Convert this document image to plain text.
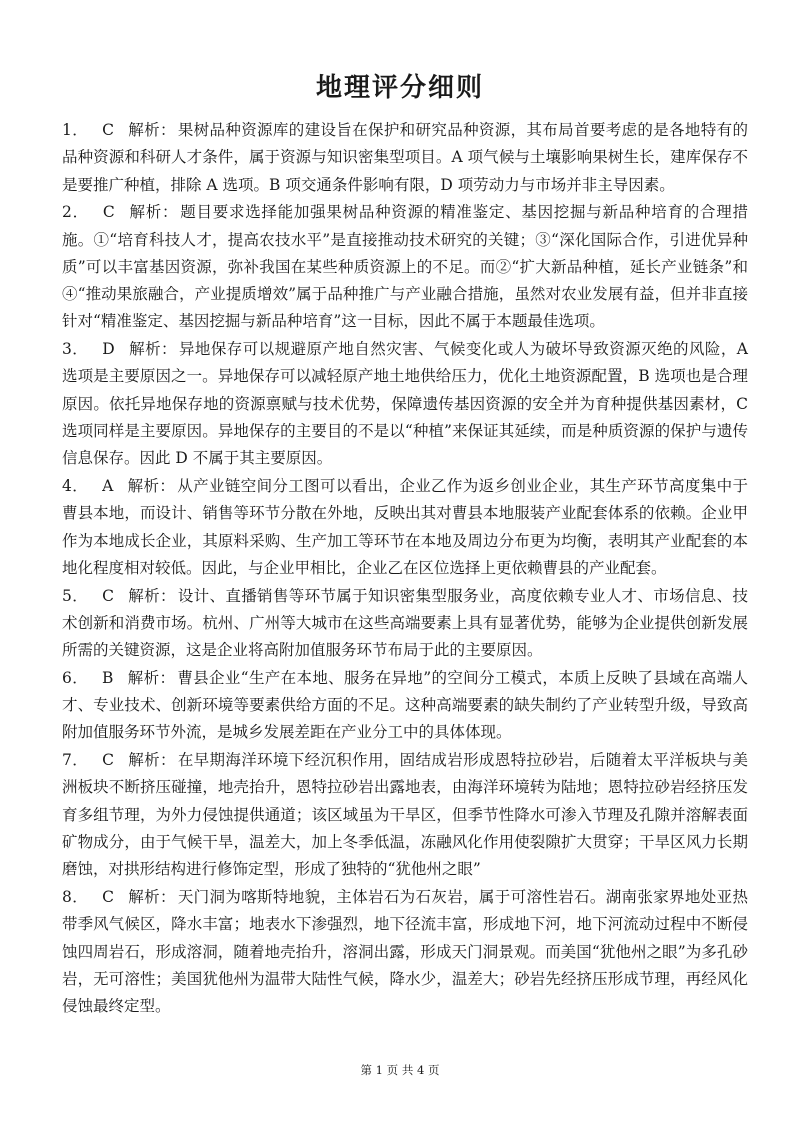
地理评分细则

1． C 解析： 果树品种资源库的建设旨在保护和研究品种资源，其布局首要考虑的是各地特有的品种资源和科研人才条件，属于资源与知识密集型项目。A 项气候与土壤影响果树生长，建库保存不是要推广种植，排除 A 选项。B 项交通条件影响有限，D 项劳动力与市场并非主导因素。

2． C 解析： 题目要求选择能加强果树品种资源的精准鉴定、基因挖掘与新品种培育的合理措施。①“培育科技人才，提高农技水平”是直接推动技术研究的关键；③“深化国际合作，引进优异种质”可以丰富基因资源，弥补我国在某些种质资源上的不足。而②“扩大新品种植，延长产业链条”和④“推动果旅融合，产业提质增效”属于品种推广与产业融合措施，虽然对农业发展有益，但并非直接针对“精准鉴定、基因挖掘与新品种培育”这一目标，因此不属于本题最佳选项。

3． D 解析： 异地保存可以规避原产地自然灾害、气候变化或人为破坏导致资源灭绝的风险，A 选项是主要原因之一。异地保存可以减轻原产地土地供给压力，优化土地资源配置，B 选项也是合理原因。依托异地保存地的资源禀赋与技术优势，保障遗传基因资源的安全并为育种提供基因素材，C 选项同样是主要原因。异地保存的主要目的不是以“种植”来保证其延续，而是种质资源的保护与遗传信息保存。因此 D 不属于其主要原因。

4． A 解析： 从产业链空间分工图可以看出，企业乙作为返乡创业企业，其生产环节高度集中于曹县本地，而设计、销售等环节分散在外地，反映出其对曹县本地服装产业配套体系的依赖。企业甲作为本地成长企业，其原料采购、生产加工等环节在本地及周边分布更为均衡，表明其产业配套的本地化程度相对较低。因此，与企业甲相比，企业乙在区位选择上更依赖曹县的产业配套。

5． C 解析： 设计、直播销售等环节属于知识密集型服务业，高度依赖专业人才、市场信息、技术创新和消费市场。杭州、广州等大城市在这些高端要素上具有显著优势，能够为企业提供创新发展所需的关键资源，这是企业将高附加值服务环节布局于此的主要原因。

6． B 解析： 曹县企业“生产在本地、服务在异地”的空间分工模式，本质上反映了县域在高端人才、专业技术、创新环境等要素供给方面的不足。这种高端要素的缺失制约了产业转型升级，导致高附加值服务环节外流，是城乡发展差距在产业分工中的具体体现。

7． C 解析： 在早期海洋环境下经沉积作用，固结成岩形成恩特拉砂岩，后随着太平洋板块与美洲板块不断挤压碰撞，地壳抬升，恩特拉砂岩出露地表，由海洋环境转为陆地；恩特拉砂岩经挤压发育多组节理，为外力侵蚀提供通道；该区域虽为干旱区，但季节性降水可渗入节理及孔隙并溶解表面矿物成分，由于气候干旱，温差大，加上冬季低温，冻融风化作用使裂隙扩大贯穿；干旱区风力长期磨蚀，对拱形结构进行修饰定型，形成了独特的“犹他州之眼”

8． C 解析： 天门洞为喀斯特地貌，主体岩石为石灰岩，属于可溶性岩石。湖南张家界地处亚热带季风气候区，降水丰富；地表水下渗强烈，地下径流丰富，形成地下河，地下河流动过程中不断侵蚀四周岩石，形成溶洞，随着地壳抬升，溶洞出露，形成天门洞景观。而美国“犹他州之眼”为多孔砂岩，无可溶性；美国犹他州为温带大陆性气候，降水少，温差大；砂岩先经挤压形成节理，再经风化侵蚀最终定型。

第 1 页 共 4 页
